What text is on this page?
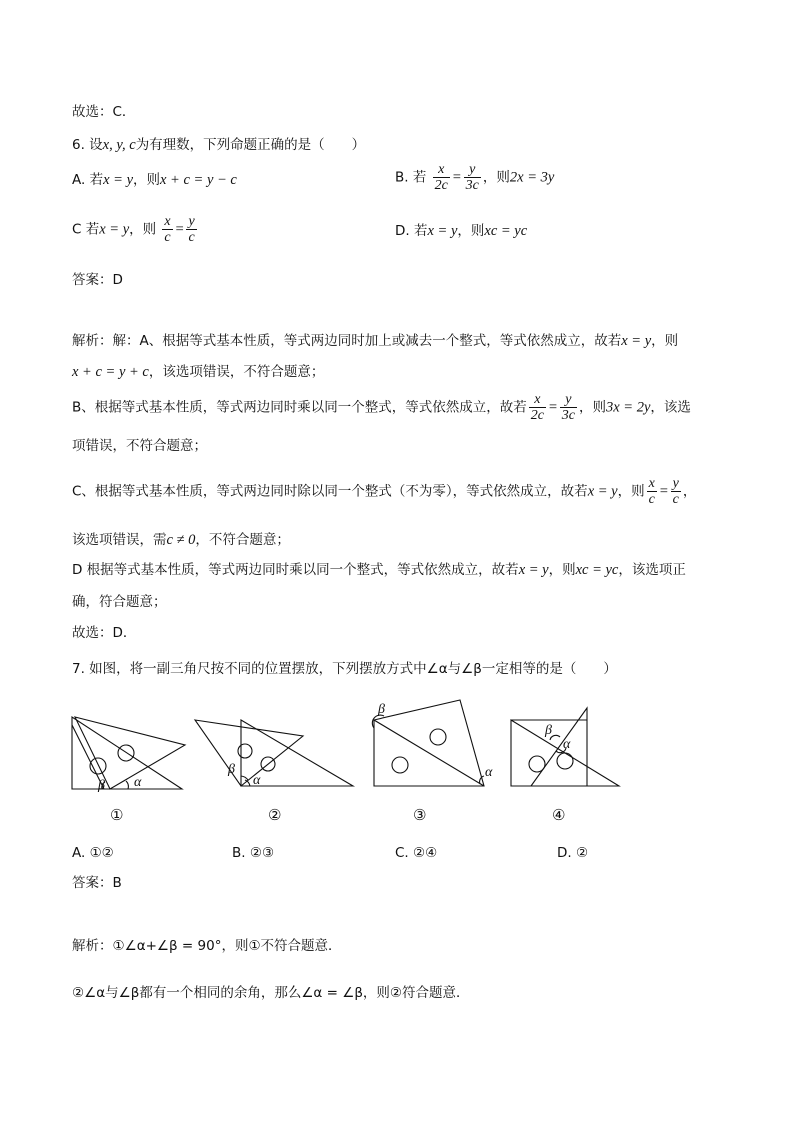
故选：C．
6. 设x, y, c为有理数，下列命题正确的是（　　）
A. 若x = y，则x + c = y − c	B. 若 $\frac{x}{2c} = \frac{y}{3c}$ ，则2x = 3y
C 若x = y，则 $\frac{x}{c} = \frac{y}{c}$	D. 若x = y，则xc = yc
答案：D
解析：解：A、根据等式基本性质，等式两边同时加上或减去一个整式，等式依然成立，故若x = y，则
x + c = y + c，该选项错误，不符合题意；
B、根据等式基本性质，等式两边同时乘以同一个整式，等式依然成立，故若 $\frac{x}{2c} = \frac{y}{3c}$ ，则3x = 2y，该选
项错误，不符合题意；
C、根据等式基本性质，等式两边同时除以同一个整式（不为零），等式依然成立，故若x = y，则 $\frac{x}{c} = \frac{y}{c}$ ，
该选项错误，需c ≠ 0，不符合题意；
D 根据等式基本性质，等式两边同时乘以同一个整式，等式依然成立，故若x = y，则xc = yc，该选项正
确，符合题意；
故选：D．
7. 如图，将一副三角尺按不同的位置摆放，下列摆放方式中∠α与∠β一定相等的是（　　）
β α
β
α
β
α
β
α
①	②	③	④
A. ①②	B. ②③	C. ②④	D. ②
答案：B
解析：①∠α+∠β = 90°，则①不符合题意．
②∠α与∠β都有一个相同的余角，那么∠α = ∠β，则②符合题意．
